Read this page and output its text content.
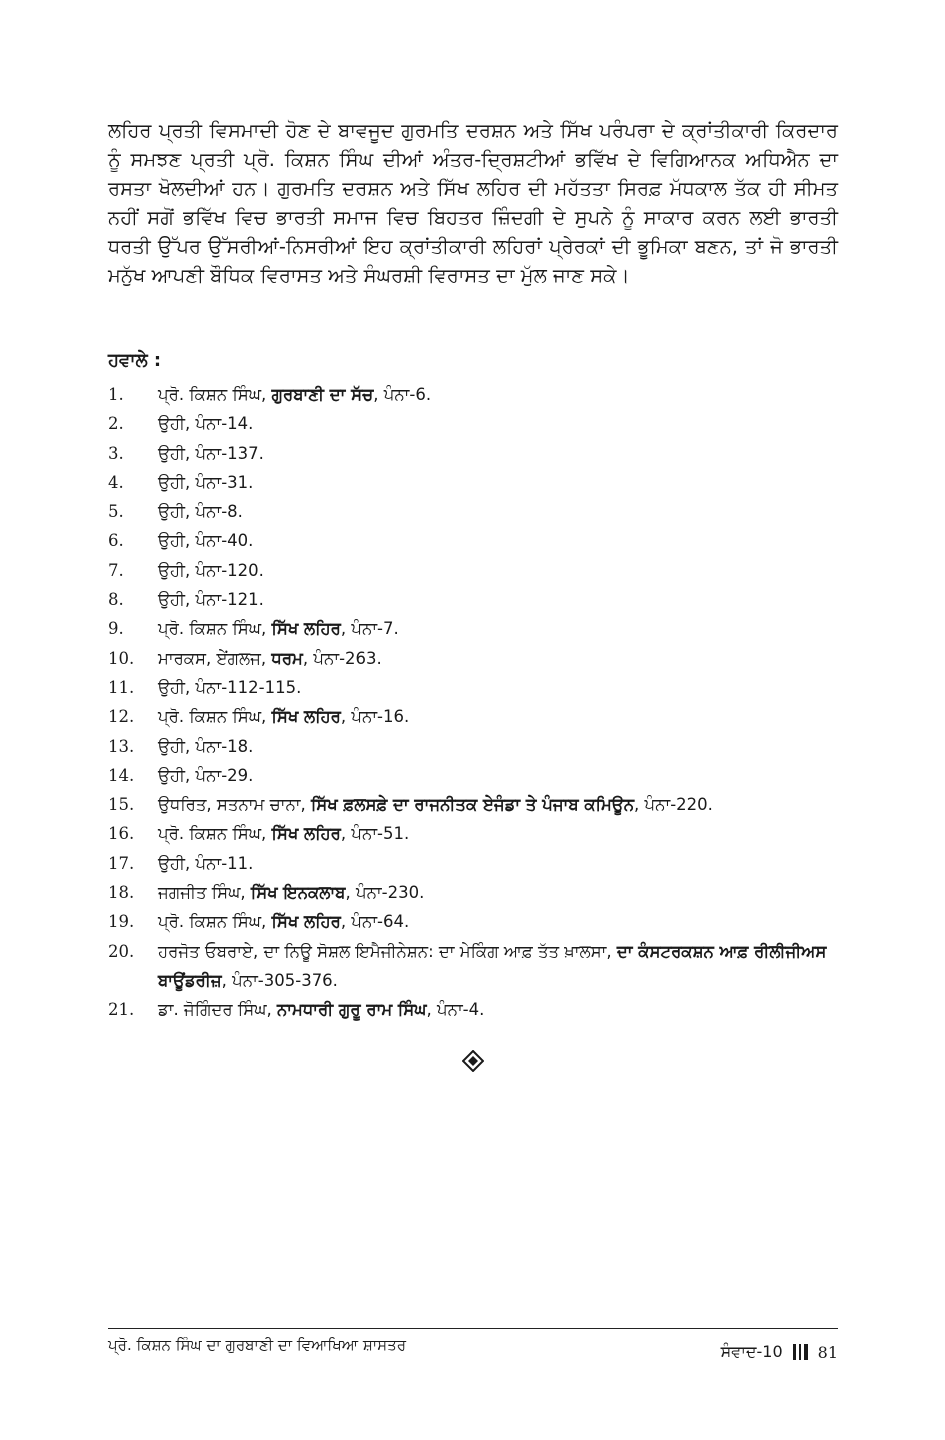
ਲਹਿਰ ਪ੍ਰਤੀ ਵਿਸਮਾਦੀ ਹੋਣ ਦੇ ਬਾਵਜੂਦ ਗੁਰਮਤਿ ਦਰਸ਼ਨ ਅਤੇ ਸਿੱਖ ਪਰੰਪਰਾ ਦੇ ਕ੍ਰਾਂਤੀਕਾਰੀ ਕਿਰਦਾਰ ਨੂੰ ਸਮਝਣ ਪ੍ਰਤੀ ਪ੍ਰੋ. ਕਿਸ਼ਨ ਸਿੰਘ ਦੀਆਂ ਅੰਤਰ-ਦ੍ਰਿਸ਼ਟੀਆਂ ਭਵਿੱਖ ਦੇ ਵਿਗਿਆਨਕ ਅਧਿਐਨ ਦਾ ਰਸਤਾ ਖੋਲਦੀਆਂ ਹਨ। ਗੁਰਮਤਿ ਦਰਸ਼ਨ ਅਤੇ ਸਿੱਖ ਲਹਿਰ ਦੀ ਮਹੱਤਤਾ ਸਿਰਫ਼ ਮੱਧਕਾਲ ਤੱਕ ਹੀ ਸੀਮਤ ਨਹੀਂ ਸਗੋਂ ਭਵਿੱਖ ਵਿਚ ਭਾਰਤੀ ਸਮਾਜ ਵਿਚ ਬਿਹਤਰ ਜ਼ਿੰਦਗੀ ਦੇ ਸੁਪਨੇ ਨੂੰ ਸਾਕਾਰ ਕਰਨ ਲਈ ਭਾਰਤੀ ਧਰਤੀ ਉੱਪਰ ਉੱਸਰੀਆਂ-ਨਿਸਰੀਆਂ ਇਹ ਕ੍ਰਾਂਤੀਕਾਰੀ ਲਹਿਰਾਂ ਪ੍ਰੇਰਕਾਂ ਦੀ ਭੂਮਿਕਾ ਬਣਨ, ਤਾਂ ਜੋ ਭਾਰਤੀ ਮਨੁੱਖ ਆਪਣੀ ਬੌਧਿਕ ਵਿਰਾਸਤ ਅਤੇ ਸੰਘਰਸ਼ੀ ਵਿਰਾਸਤ ਦਾ ਮੁੱਲ ਜਾਣ ਸਕੇ।

ਹਵਾਲੇ :
1.	ਪ੍ਰੋ. ਕਿਸ਼ਨ ਸਿੰਘ, ਗੁਰਬਾਣੀ ਦਾ ਸੱਚ, ਪੰਨਾ-6.
2.	ਉਹੀ, ਪੰਨਾ-14.
3.	ਉਹੀ, ਪੰਨਾ-137.
4.	ਉਹੀ, ਪੰਨਾ-31.
5.	ਉਹੀ, ਪੰਨਾ-8.
6.	ਉਹੀ, ਪੰਨਾ-40.
7.	ਉਹੀ, ਪੰਨਾ-120.
8.	ਉਹੀ, ਪੰਨਾ-121.
9.	ਪ੍ਰੋ. ਕਿਸ਼ਨ ਸਿੰਘ, ਸਿੱਖ ਲਹਿਰ, ਪੰਨਾ-7.
10.	ਮਾਰਕਸ, ਏਂਗਲਜ, ਧਰਮ, ਪੰਨਾ-263.
11.	ਉਹੀ, ਪੰਨਾ-112-115.
12.	ਪ੍ਰੋ. ਕਿਸ਼ਨ ਸਿੰਘ, ਸਿੱਖ ਲਹਿਰ, ਪੰਨਾ-16.
13.	ਉਹੀ, ਪੰਨਾ-18.
14.	ਉਹੀ, ਪੰਨਾ-29.
15.	ਉਧਰਿਤ, ਸਤਨਾਮ ਚਾਨਾ, ਸਿੱਖ ਫ਼ਲਸਫ਼ੇ ਦਾ ਰਾਜਨੀਤਕ ਏਜੰਡਾ ਤੇ ਪੰਜਾਬ ਕਮਿਊਨ, ਪੰਨਾ-220.
16.	ਪ੍ਰੋ. ਕਿਸ਼ਨ ਸਿੰਘ, ਸਿੱਖ ਲਹਿਰ, ਪੰਨਾ-51.
17.	ਉਹੀ, ਪੰਨਾ-11.
18.	ਜਗਜੀਤ ਸਿੰਘ, ਸਿੱਖ ਇਨਕਲਾਬ, ਪੰਨਾ-230.
19.	ਪ੍ਰੋ. ਕਿਸ਼ਨ ਸਿੰਘ, ਸਿੱਖ ਲਹਿਰ, ਪੰਨਾ-64.
20.	ਹਰਜੋਤ ਓਬਰਾਏ, ਦਾ ਨਿਊ ਸੋਸ਼ਲ ਇਮੈਜੀਨੇਸ਼ਨ: ਦਾ ਮੇਕਿੰਗ ਆਫ਼ ਤੱਤ ਖ਼ਾਲਸਾ, ਦਾ ਕੰਸਟਰਕਸ਼ਨ ਆਫ਼ ਰੀਲੀਜੀਅਸ ਬਾਊਂਡਰੀਜ਼, ਪੰਨਾ-305-376.
21.	ਡਾ. ਜੋਗਿੰਦਰ ਸਿੰਘ, ਨਾਮਧਾਰੀ ਗੁਰੂ ਰਾਮ ਸਿੰਘ, ਪੰਨਾ-4.
ਪ੍ਰੋ. ਕਿਸ਼ਨ ਸਿੰਘ ਦਾ ਗੁਰਬਾਣੀ ਦਾ ਵਿਆਖਿਆ ਸ਼ਾਸਤਰ	ਸੰਵਾਦ-10 81
